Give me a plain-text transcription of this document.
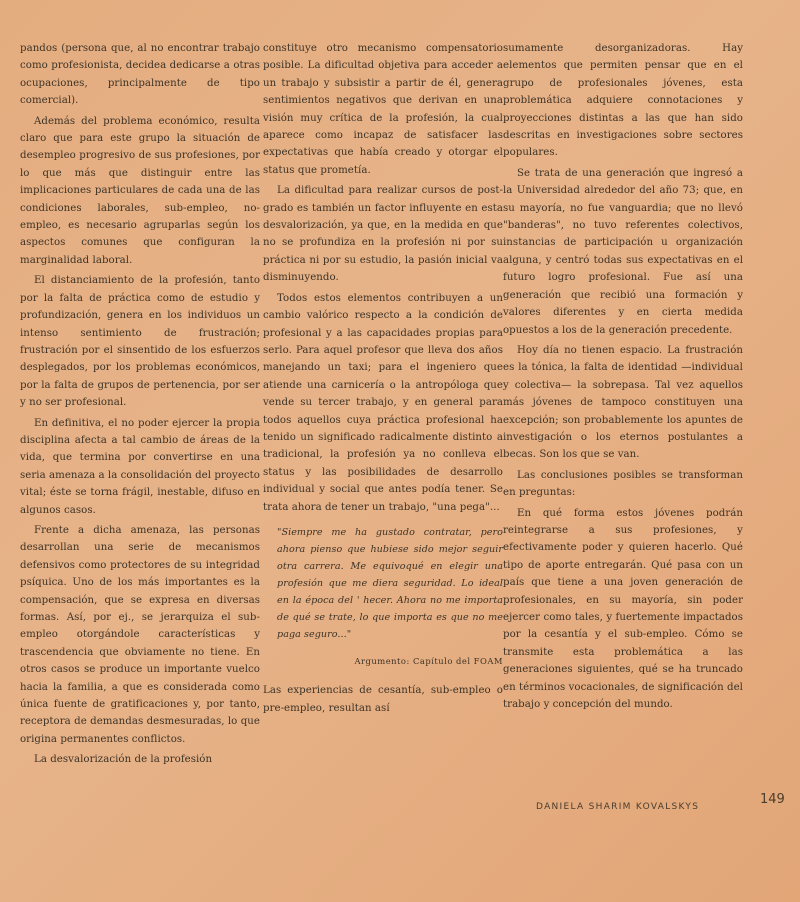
pandos (persona que, al no encontrar trabajo como profesionista, decidea dedicarse a otras ocupaciones, principalmente de tipo comercial).

Además del problema económico, resulta claro que para este grupo la situación de desempleo progresivo de sus profesiones, por lo que más que distinguir entre las implicaciones particulares de cada una de las condiciones laborales, sub-empleo, no-empleo, es necesario agruparlas según los aspectos comunes que configuran la marginalidad laboral.

El distanciamiento de la profesión, tanto por la falta de práctica como de estudio y profundización, genera en los individuos un intenso sentimiento de frustración; frustración por el sinsentido de los esfuerzos desplegados, por los problemas económicos, por la falta de grupos de pertenencia, por ser y no ser profesional.

En definitiva, el no poder ejercer la propia disciplina afecta a tal cambio de áreas de la vida, que termina por convertirse en una seria amenaza a la consolidación del proyecto vital; éste se torna frágil, inestable, difuso en algunos casos.

Frente a dicha amenaza, las personas desarrollan una serie de mecanismos defensivos como protectores de su integridad psíquica. Uno de los más importantes es la compensación, que se expresa en diversas formas. Así, por ej., se jerarquiza el sub-empleo otorgándole características y trascendencia que obviamente no tiene. En otros casos se produce un importante vuelco hacia la familia, a que es considerada como única fuente de gratificaciones y, por tanto, receptora de demandas desmesuradas, lo que origina permanentes conflictos.

La desvalorización de la profesión

constituye otro mecanismo compensatorio posible. La dificultad objetiva para acceder a un trabajo y subsistir a partir de él, genera sentimientos negativos que derivan en una visión muy crítica de la profesión, la cual aparece como incapaz de satisfacer las expectativas que había creado y otorgar el status que prometía.

La dificultad para realizar cursos de post-grado es también un factor influyente en esta desvalorización, ya que, en la medida en que no se profundiza en la profesión ni por su práctica ni por su estudio, la pasión inicial va disminuyendo.

Todos estos elementos contribuyen a un cambio valórico respecto a la condición de profesional y a las capacidades propias para serlo. Para aquel profesor que lleva dos años manejando un taxi; para el ingeniero que atiende una carnicería o la antropóloga que vende su tercer trabajo, y en general para todos aquellos cuya práctica profesional ha tenido un significado radicalmente distinto a tradicional, la profesión ya no conlleva el status y las posibilidades de desarrollo individual y social que antes podía tener. Se trata ahora de tener un trabajo, "una pega"...

"Siempre me ha gustado contratar, pero ahora pienso que hubiese sido mejor seguir otra carrera. Me equivoqué en elegir una profesión que me diera seguridad. Lo ideal en la época del ' hecer. Ahora no me importa de qué se trate, lo que importa es que no me paga seguro..."
Argumento: Capítulo del FOAM

Las experiencias de cesantía, sub-empleo o pre-empleo, resultan así

sumamente desorganizadoras. Hay elementos que permiten pensar que en el grupo de profesionales jóvenes, esta problemática adquiere connotaciones y proyecciones distintas a las que han sido descritas en investigaciones sobre sectores populares.

Se trata de una generación que ingresó a la Universidad alrededor del año 73; que, en su mayoría, no fue vanguardia; que no llevó "banderas", no tuvo referentes colectivos, instancias de participación u organización alguna, y centró todas sus expectativas en el futuro logro profesional. Fue así una generación que recibió una formación y valores diferentes y en cierta medida opuestos a los de la generación precedente.

Hoy día no tienen espacio. La frustración es la tónica, la falta de identidad —individual y colectiva— la sobrepasa. Tal vez aquellos más jóvenes de tampoco constituyen una excepción; son probablemente los apuntes de investigación o los eternos postulantes a becas. Son los que se van.

Las conclusiones posibles se transforman en preguntas:

En qué forma estos jóvenes podrán reintegrarse a sus profesiones, y efectivamente poder y quieren hacerlo. Qué tipo de aporte entregarán. Qué pasa con un país que tiene a una joven generación de profesionales, en su mayoría, sin poder ejercer como tales, y fuertemente impactados por la cesantía y el sub-empleo. Cómo se transmite esta problemática a las generaciones siguientes, qué se ha truncado en términos vocacionales, de significación del trabajo y concepción del mundo.

149
DANIELA SHARIM KOVALSKYS
